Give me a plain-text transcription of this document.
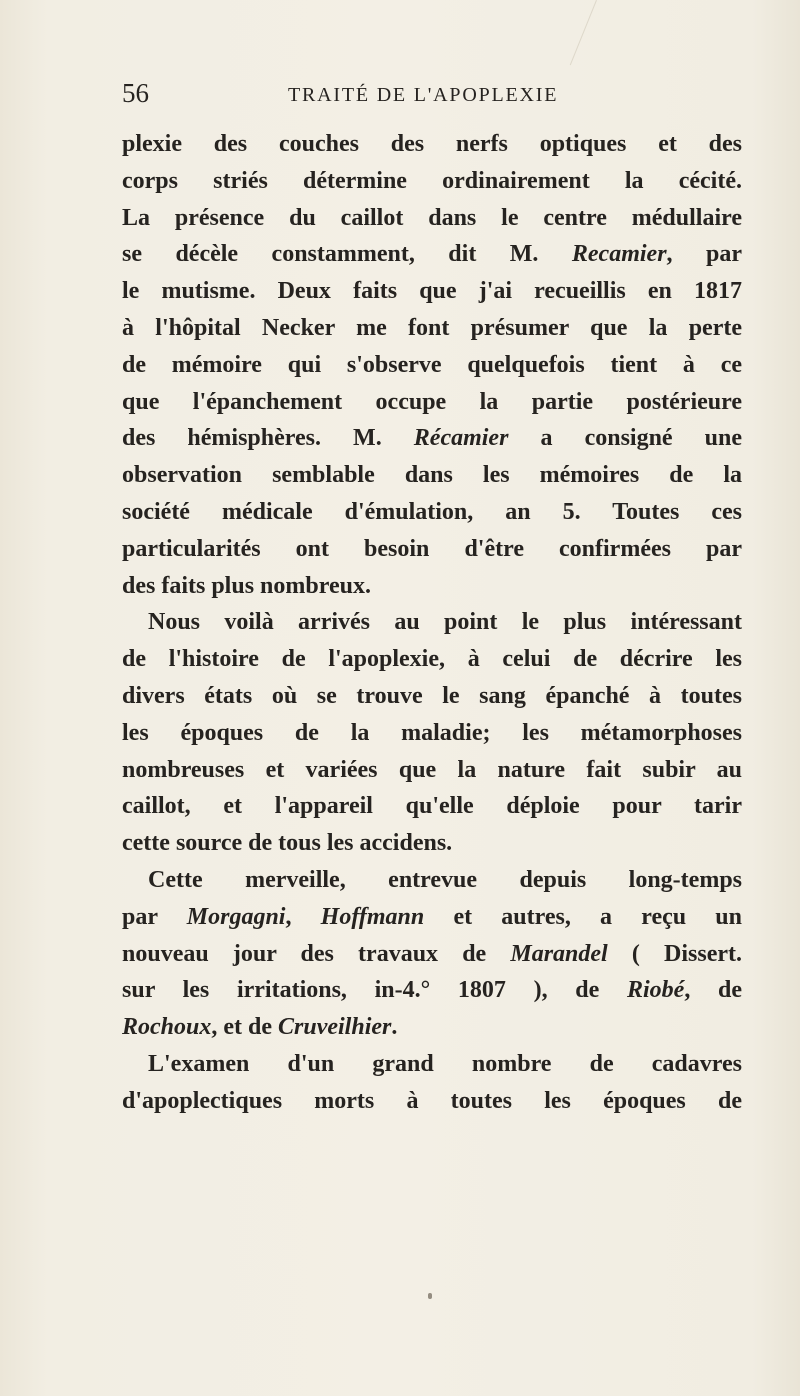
56	TRAITÉ DE L'APOPLEXIE
plexie des couches des nerfs optiques et des
corps striés détermine ordinairement la cécité.
La présence du caillot dans le centre médullaire
se décèle constamment, dit M. Recamier, par
le mutisme. Deux faits que j'ai recueillis en 1817
à l'hôpital Necker me font présumer que la perte
de mémoire qui s'observe quelquefois tient à ce
que l'épanchement occupe la partie postérieure
des hémisphères. M. Récamier a consigné une
observation semblable dans les mémoires de la
société médicale d'émulation, an 5. Toutes ces
particularités ont besoin d'être confirmées par
des faits plus nombreux.
Nous voilà arrivés au point le plus intéressant
de l'histoire de l'apoplexie, à celui de décrire les
divers états où se trouve le sang épanché à toutes
les époques de la maladie; les métamorphoses
nombreuses et variées que la nature fait subir au
caillot, et l'appareil qu'elle déploie pour tarir
cette source de tous les accidens.
Cette merveille, entrevue depuis long-temps
par Morgagni, Hoffmann et autres, a reçu un
nouveau jour des travaux de Marandel ( Dissert.
sur les irritations, in-4.° 1807 ), de Riobé, de
Rochoux, et de Cruveilhier.
L'examen d'un grand nombre de cadavres
d'apoplectiques morts à toutes les époques de
